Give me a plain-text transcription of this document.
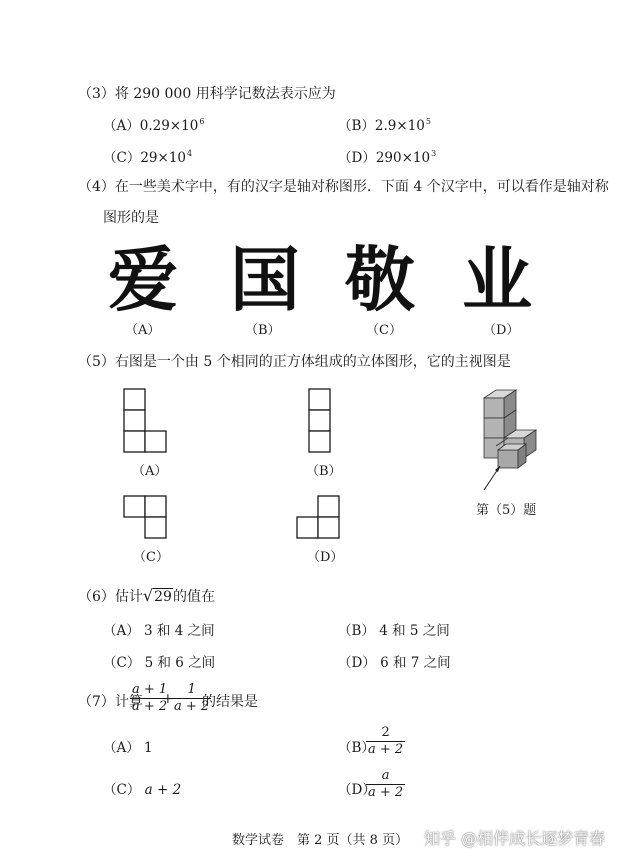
（3）将 290 000 用科学记数法表示应为
$(A)0.29\times 10^6$	$(B)2.9\times 10^5$
$(C)29\times 10^4$	$(D)290\times 10^3$
（4）在一些美术字中，有的汉字是轴对称图形．下面 4 个汉字中，可以看作是轴对称
图形的是
爱 国 敬 业
（A）	（B）	（C）	（D）
（5）右图是一个由 5 个相同的正方体组成的立体图形，它的主视图是
（A）	（B）
（C）	（D）
第（5）题
（6）估计√29的值在
（A） 3 和 4 之间	（B） 4 和 5 之间
（C） 5 和 6 之间	（D） 6 和 7 之间
（7）计算
$\frac{a + 1}{a + 2}$
+
$\frac{1}{a + 2}$
的结果是
（A） 1	（B）
$\frac{2}{a + 2}$
（C） a + 2	（D）
$\frac{a}{a + 2}$
数学试卷　第 2 页（共 8 页） 知乎 @相伴成长逐梦青春
